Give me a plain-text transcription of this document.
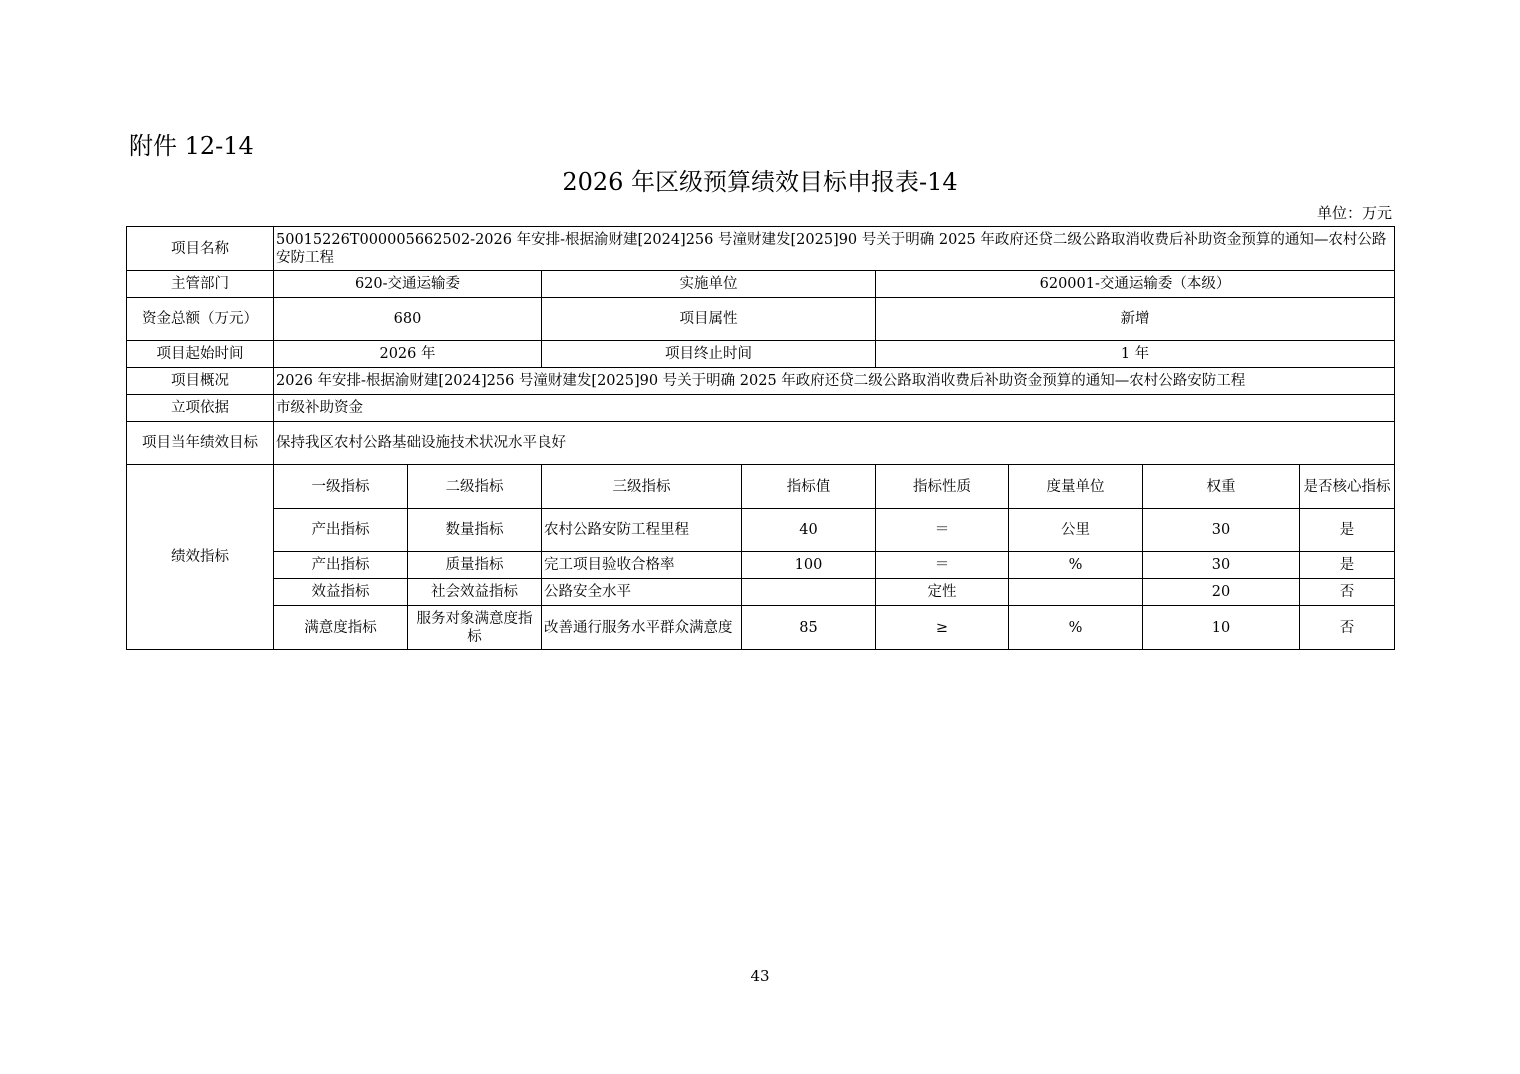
附件 12-14
2026 年区级预算绩效目标申报表-14
单位：万元
项目名称	50015226T000005662502-2026 年安排-根据渝财建[2024]256 号潼财建发[2025]90 号关于明确 2025 年政府还贷二级公路取消收费后补助资金预算的通知—农村公路安防工程							
主管部门	620-交通运输委		实施单位		620001-交通运输委（本级）			
资金总额（万元）	680		项目属性		新增			
项目起始时间	2026 年		项目终止时间		1 年			
项目概况	2026 年安排-根据渝财建[2024]256 号潼财建发[2025]90 号关于明确 2025 年政府还贷二级公路取消收费后补助资金预算的通知—农村公路安防工程							
立项依据	市级补助资金							
项目当年绩效目标	保持我区农村公路基础设施技术状况水平良好							
绩效指标	一级指标	二级指标	三级指标	指标值	指标性质	度量单位	权重	是否核心指标
	产出指标	数量指标	农村公路安防工程里程	40	＝	公里	30	是
	产出指标	质量指标	完工项目验收合格率	100	＝	%	30	是
	效益指标	社会效益指标	公路安全水平		定性		20	否
	满意度指标	服务对象满意度指标	改善通行服务水平群众满意度	85	≥	%	10	否
43
